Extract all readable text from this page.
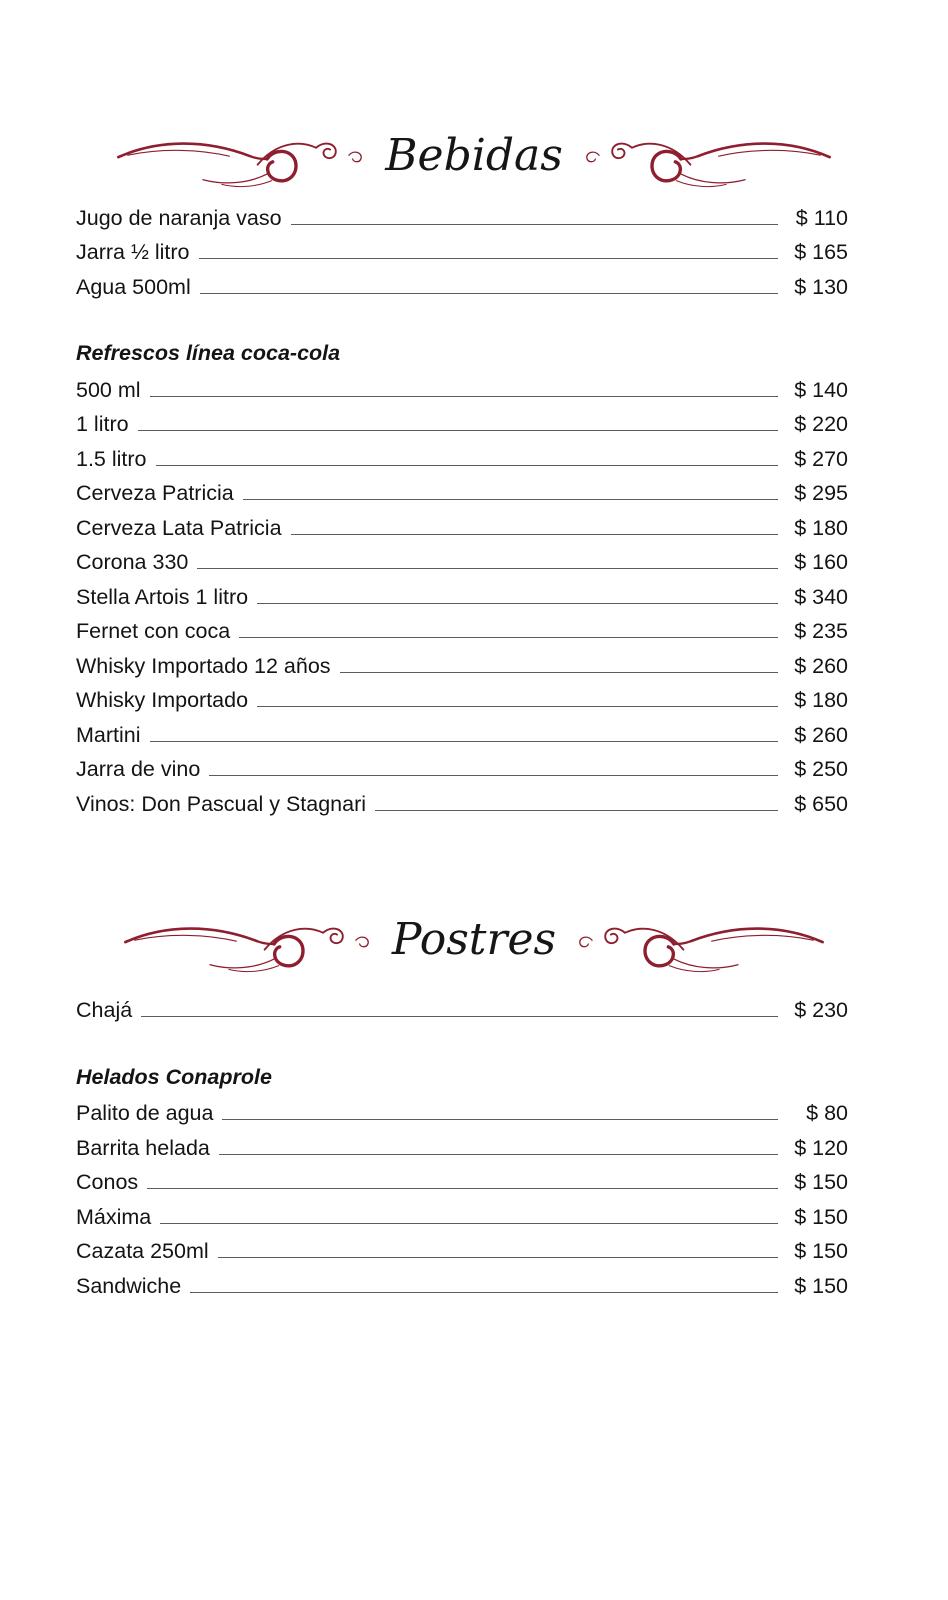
Bebidas
Jugo de naranja vaso	$ 110
Jarra ½ litro	$ 165
Agua 500ml	$ 130
Refrescos línea coca-cola
500 ml	$ 140
1 litro	$ 220
1.5 litro	$ 270
Cerveza Patricia	$ 295
Cerveza Lata Patricia	$ 180
Corona 330	$ 160
Stella Artois 1 litro	$ 340
Fernet con coca	$ 235
Whisky Importado 12 años	$ 260
Whisky Importado	$ 180
Martini	$ 260
Jarra de vino	$ 250
Vinos: Don Pascual y Stagnari	$ 650
Postres
Chajá	$ 230
Helados Conaprole
Palito de agua	$ 80
Barrita helada	$ 120
Conos	$ 150
Máxima	$ 150
Cazata 250ml	$ 150
Sandwiche	$ 150
